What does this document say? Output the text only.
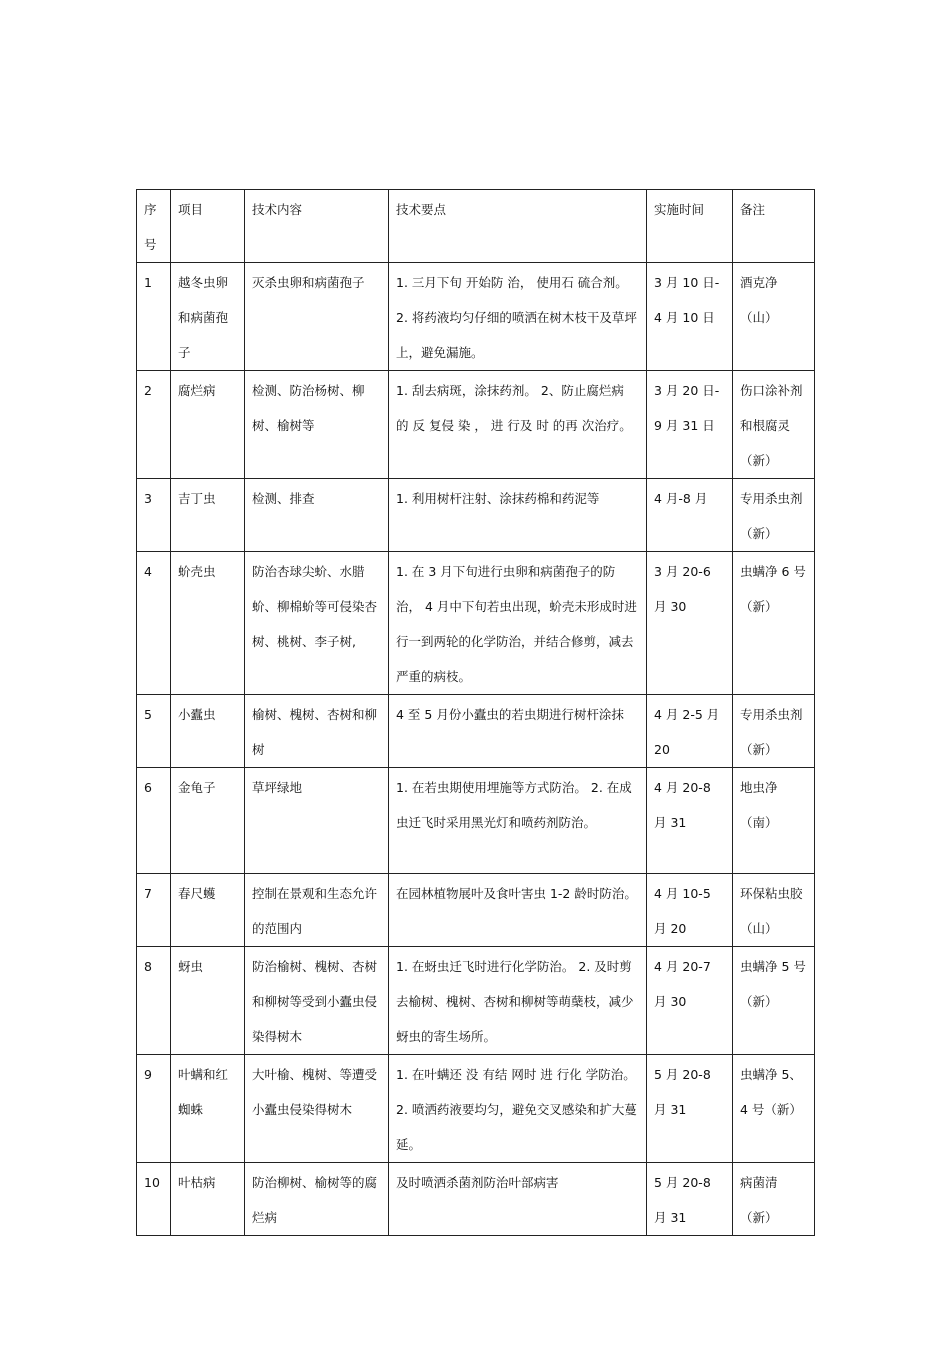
序号	项目	技术内容	技术要点	实施时间	备注

1	越冬虫卵和病菌孢子	灭杀虫卵和病菌孢子	1. 三月下旬 开始防 治， 使用石 硫合剂。 2. 将药液均匀仔细的喷洒在树木枝干及草坪上，避免漏施。	3 月 10 日-4 月 10 日	酒克净（山）

2	腐烂病	检测、防治杨树、柳树、榆树等	1. 刮去病斑，涂抹药剂。 2、防止腐烂病 的 反 复侵 染 ， 进 行及 时 的再 次治疗。	3 月 20 日-9 月 31 日	伤口涂补剂和根腐灵（新）

3	吉丁虫	检测、排查	1. 利用树杆注射、涂抹药棉和药泥等	4 月-8 月	专用杀虫剂（新）

4	蚧壳虫	防治杏球尖蚧、水腊蚧、柳棉蚧等可侵染杏树、桃树、李子树,	1. 在 3 月下旬进行虫卵和病菌孢子的防治， 4 月中下旬若虫出现，蚧壳未形成时进行一到两轮的化学防治，并结合修剪，减去严重的病枝。	3 月 20-6 月 30	虫螨净 6 号（新）

5	小蠹虫	榆树、槐树、杏树和柳树	4 至 5 月份小蠹虫的若虫期进行树杆涂抹	4 月 2-5 月 20	专用杀虫剂（新）

6	金龟子	草坪绿地	1. 在若虫期使用埋施等方式防治。 2. 在成虫迁飞时采用黑光灯和喷药剂防治。	4 月 20-8 月 31	地虫净（南）

7	春尺蠖	控制在景观和生态允许的范围内	在园林植物展叶及食叶害虫 1-2 龄时防治。	4 月 10-5 月 20	环保粘虫胶（山）

8	蚜虫	防治榆树、槐树、杏树和柳树等受到小蠹虫侵染得树木	1. 在蚜虫迁飞时进行化学防治。 2. 及时剪去榆树、槐树、杏树和柳树等萌蘖枝，减少蚜虫的寄生场所。	4 月 20-7 月 30	虫螨净 5 号（新）

9	叶螨和红蜘蛛	大叶榆、槐树、等遭受小蠹虫侵染得树木	1. 在叶螨还 没 有结 网时 进 行化 学防治。 2. 喷洒药液要均匀，避免交叉感染和扩大蔓延。	5 月 20-8 月 31	虫螨净 5、4 号（新）

10	叶枯病	防治柳树、榆树等的腐烂病	及时喷洒杀菌剂防治叶部病害	5 月 20-8 月 31	病菌清（新）
